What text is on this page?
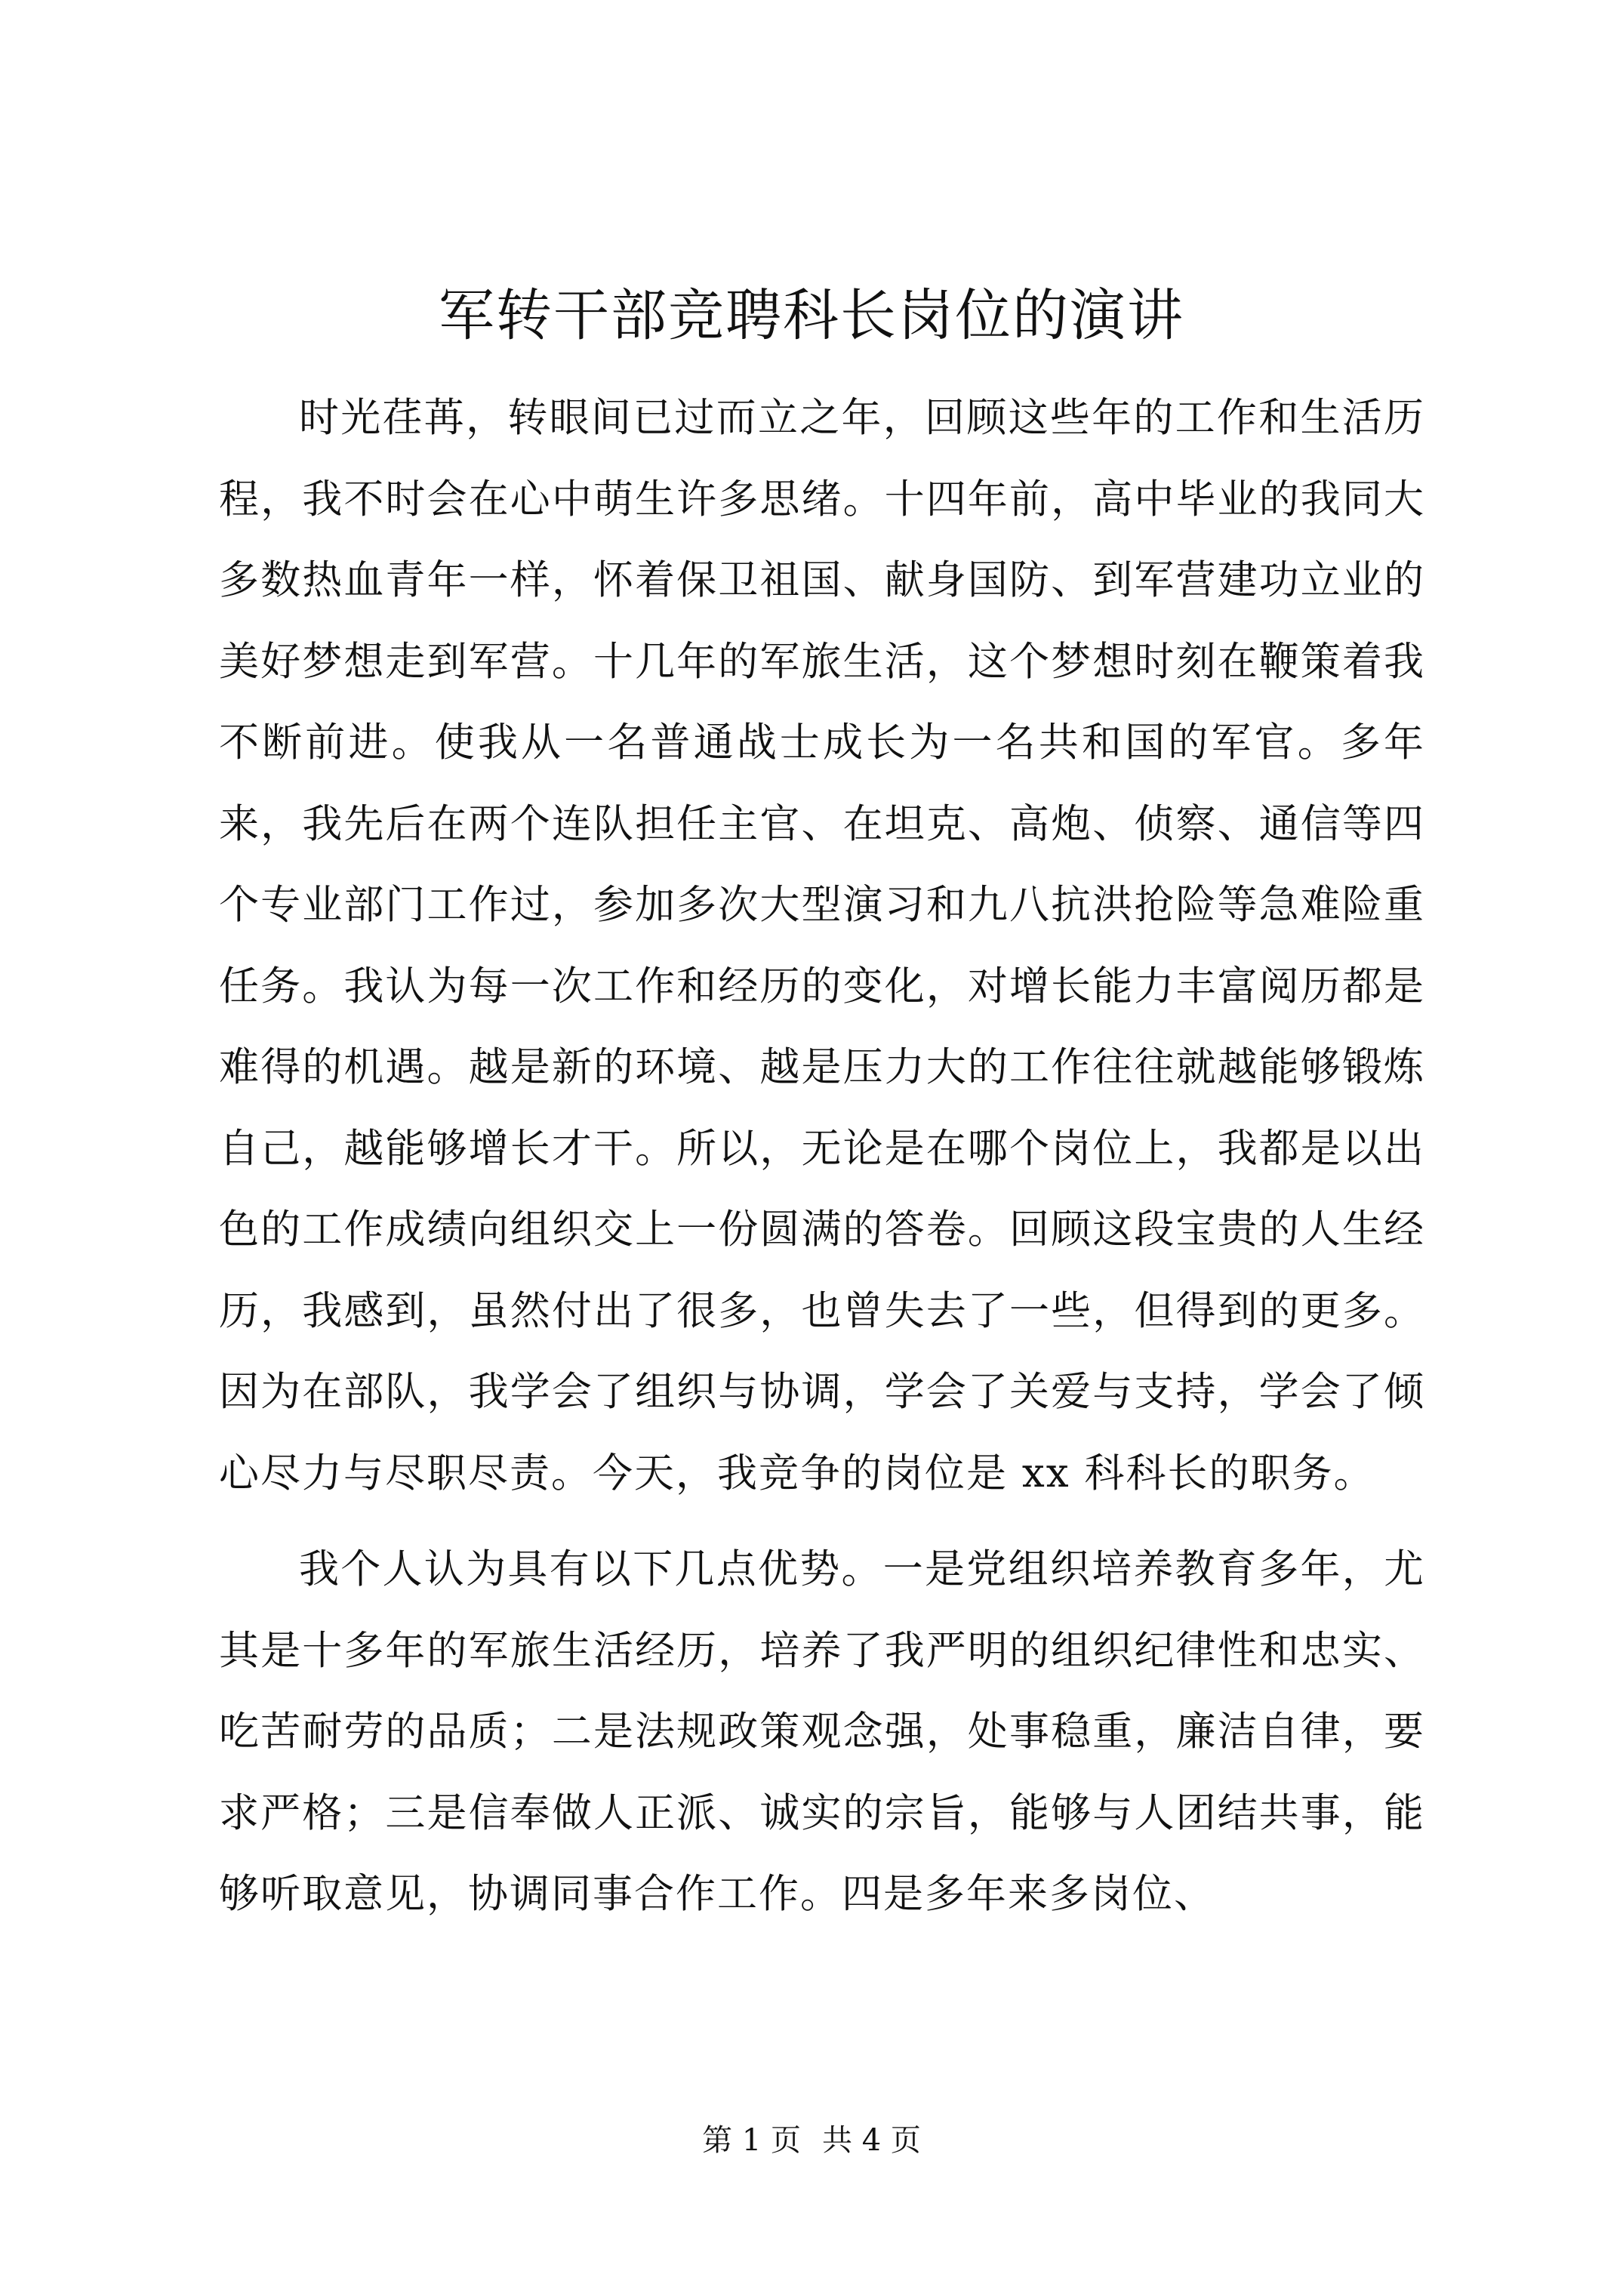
军转干部竞聘科长岗位的演讲

时光荏苒，转眼间已过而立之年，回顾这些年的工作和生活历程，我不时会在心中萌生许多思绪。十四年前，高中毕业的我同大多数热血青年一样，怀着保卫祖国、献身国防、到军营建功立业的美好梦想走到军营。十几年的军旅生活，这个梦想时刻在鞭策着我不断前进。使我从一名普通战士成长为一名共和国的军官。多年来，我先后在两个连队担任主官、在坦克、高炮、侦察、通信等四个专业部门工作过，参加多次大型演习和九八抗洪抢险等急难险重任务。我认为每一次工作和经历的变化，对增长能力丰富阅历都是难得的机遇。越是新的环境、越是压力大的工作往往就越能够锻炼自己，越能够增长才干。所以，无论是在哪个岗位上，我都是以出色的工作成绩向组织交上一份圆满的答卷。回顾这段宝贵的人生经历，我感到，虽然付出了很多，也曾失去了一些，但得到的更多。因为在部队，我学会了组织与协调，学会了关爱与支持，学会了倾心尽力与尽职尽责。今天，我竞争的岗位是 xx 科科长的职务。

我个人认为具有以下几点优势。一是党组织培养教育多年，尤其是十多年的军旅生活经历，培养了我严明的组织纪律性和忠实、吃苦耐劳的品质；二是法规政策观念强，处事稳重，廉洁自律，要求严格；三是信奉做人正派、诚实的宗旨，能够与人团结共事，能够听取意见，协调同事合作工作。四是多年来多岗位、

第 1 页 共 4 页
